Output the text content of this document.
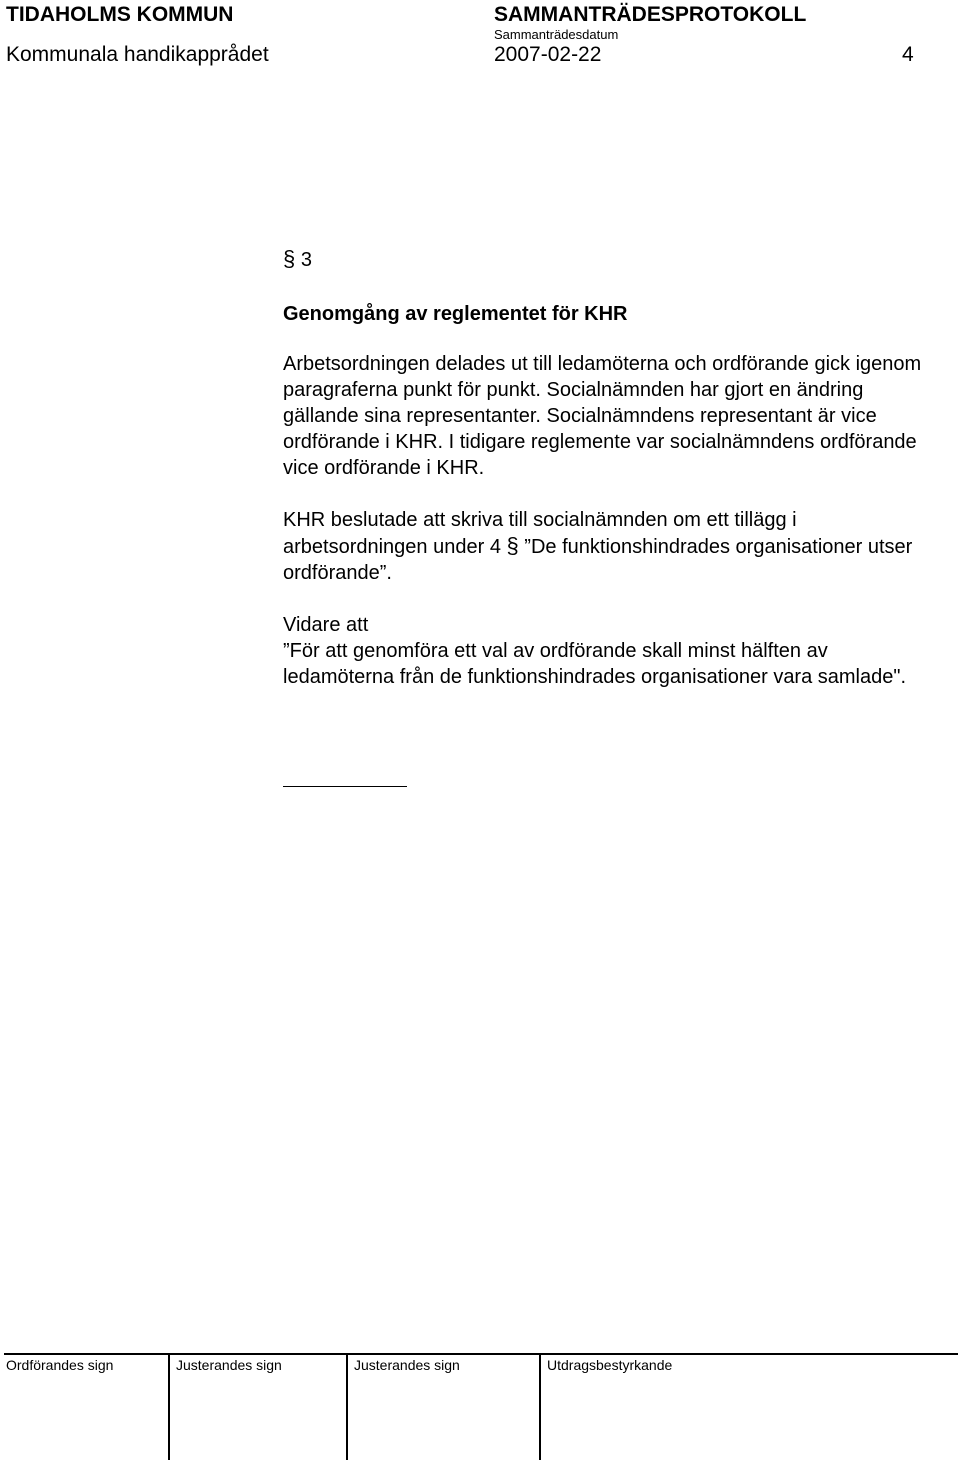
TIDAHOLMS KOMMUN	SAMMANTRÄDESPROTOKOLL
Sammanträdesdatum
Kommunala handikapprådet	2007-02-22	4

§ 3

Genomgång av reglementet för KHR

Arbetsordningen delades ut till ledamöterna och ordförande gick igenom paragraferna punkt för punkt. Socialnämnden har gjort en ändring gällande sina representanter. Socialnämndens representant är vice ordförande i KHR. I tidigare reglemente var socialnämndens ordförande vice ordförande i KHR.

KHR beslutade att skriva till socialnämnden om ett tillägg i arbetsordningen under 4 § ”De funktionshindrades organisationer utser ordförande”.

Vidare att

”För att genomföra ett val av ordförande skall minst hälften av ledamöterna från de funktionshindrades organisationer vara samlade".

Ordförandes sign	Justerandes sign	Justerandes sign	Utdragsbestyrkande
